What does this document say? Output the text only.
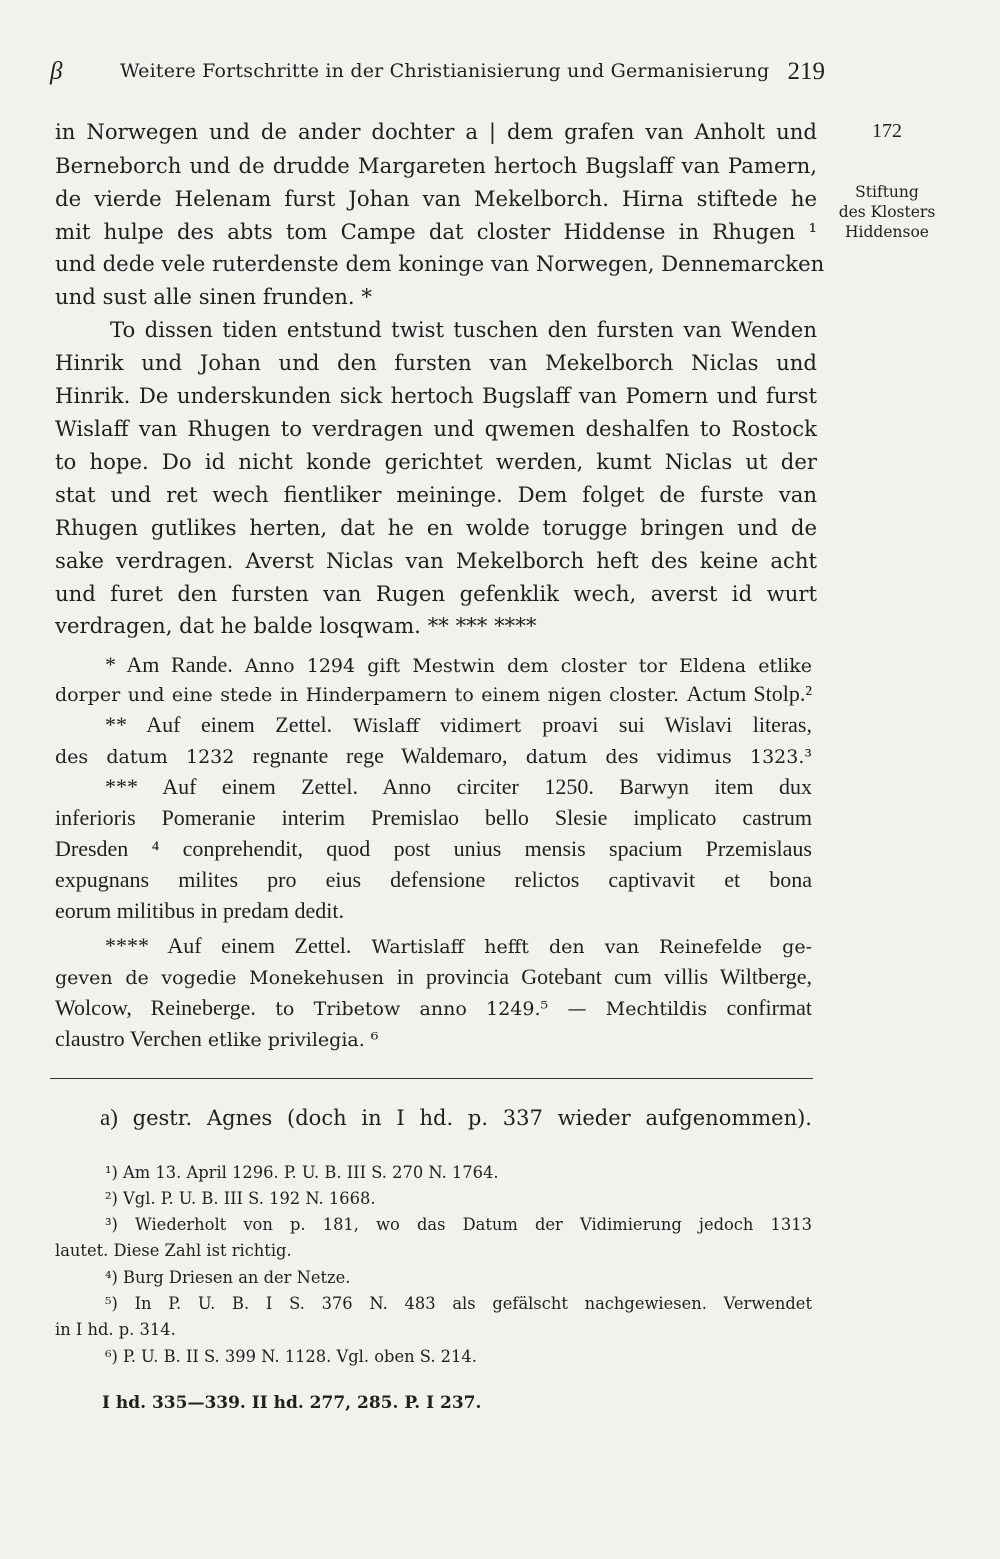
β	Weitere Fortschritte in der Christianisierung und Germanisierung 219
172
Stiftung
des Klosters
Hiddensoe
in Norwegen und de ander dochter a | dem grafen van Anholt und
Berneborch und de drudde Margareten hertoch Bugslaff van Pamern,
de vierde Helenam furst Johan van Mekelborch. Hirna stiftede he
mit hulpe des abts tom Campe dat closter Hiddense in Rhugen ¹
und dede vele ruterdenste dem koninge van Norwegen, Dennemarcken
und sust alle sinen frunden. *
To dissen tiden entstund twist tuschen den fursten van Wenden
Hinrik und Johan und den fursten van Mekelborch Niclas und
Hinrik. De underskunden sick hertoch Bugslaff van Pomern und furst
Wislaff van Rhugen to verdragen und qwemen deshalfen to Rostock
to hope. Do id nicht konde gerichtet werden, kumt Niclas ut der
stat und ret wech fientliker meininge. Dem folget de furste van
Rhugen gutlikes herten, dat he en wolde torugge bringen und de
sake verdragen. Averst Niclas van Mekelborch heft des keine acht
und furet den fursten van Rugen gefenklik wech, averst id wurt
verdragen, dat he balde losqwam. ** *** ****
* Am Rande. Anno 1294 gift Mestwin dem closter tor Eldena etlike
dorper und eine stede in Hinderpamern to einem nigen closter. Actum Stolp.²
** Auf einem Zettel. Wislaff vidimert proavi sui Wislavi literas,
des datum 1232 regnante rege Waldemaro, datum des vidimus 1323.³
*** Auf einem Zettel. Anno circiter 1250. Barwyn item dux
inferioris Pomeranie interim Premislao bello Slesie implicato castrum
Dresden ⁴ conprehendit, quod post unius mensis spacium Przemislaus
expugnans milites pro eius defensione relictos captivavit et bona
eorum militibus in predam dedit.
**** Auf einem Zettel. Wartislaff hefft den van Reinefelde ge-
geven de vogedie Monekehusen in provincia Gotebant cum villis Wiltberge,
Wolcow, Reineberge. to Tribetow anno 1249.⁵ — Mechtildis confirmat
claustro Verchen etlike privilegia. ⁶
a) gestr. Agnes (doch in I hd. p. 337 wieder aufgenommen).
¹) Am 13. April 1296. P. U. B. III S. 270 N. 1764.
²) Vgl. P. U. B. III S. 192 N. 1668.
³) Wiederholt von p. 181, wo das Datum der Vidimierung jedoch 1313
lautet. Diese Zahl ist richtig.
⁴) Burg Driesen an der Netze.
⁵) In P. U. B. I S. 376 N. 483 als gefälscht nachgewiesen. Verwendet
in I hd. p. 314.
⁶) P. U. B. II S. 399 N. 1128. Vgl. oben S. 214.
I hd. 335—339. II hd. 277, 285. P. I 237.
